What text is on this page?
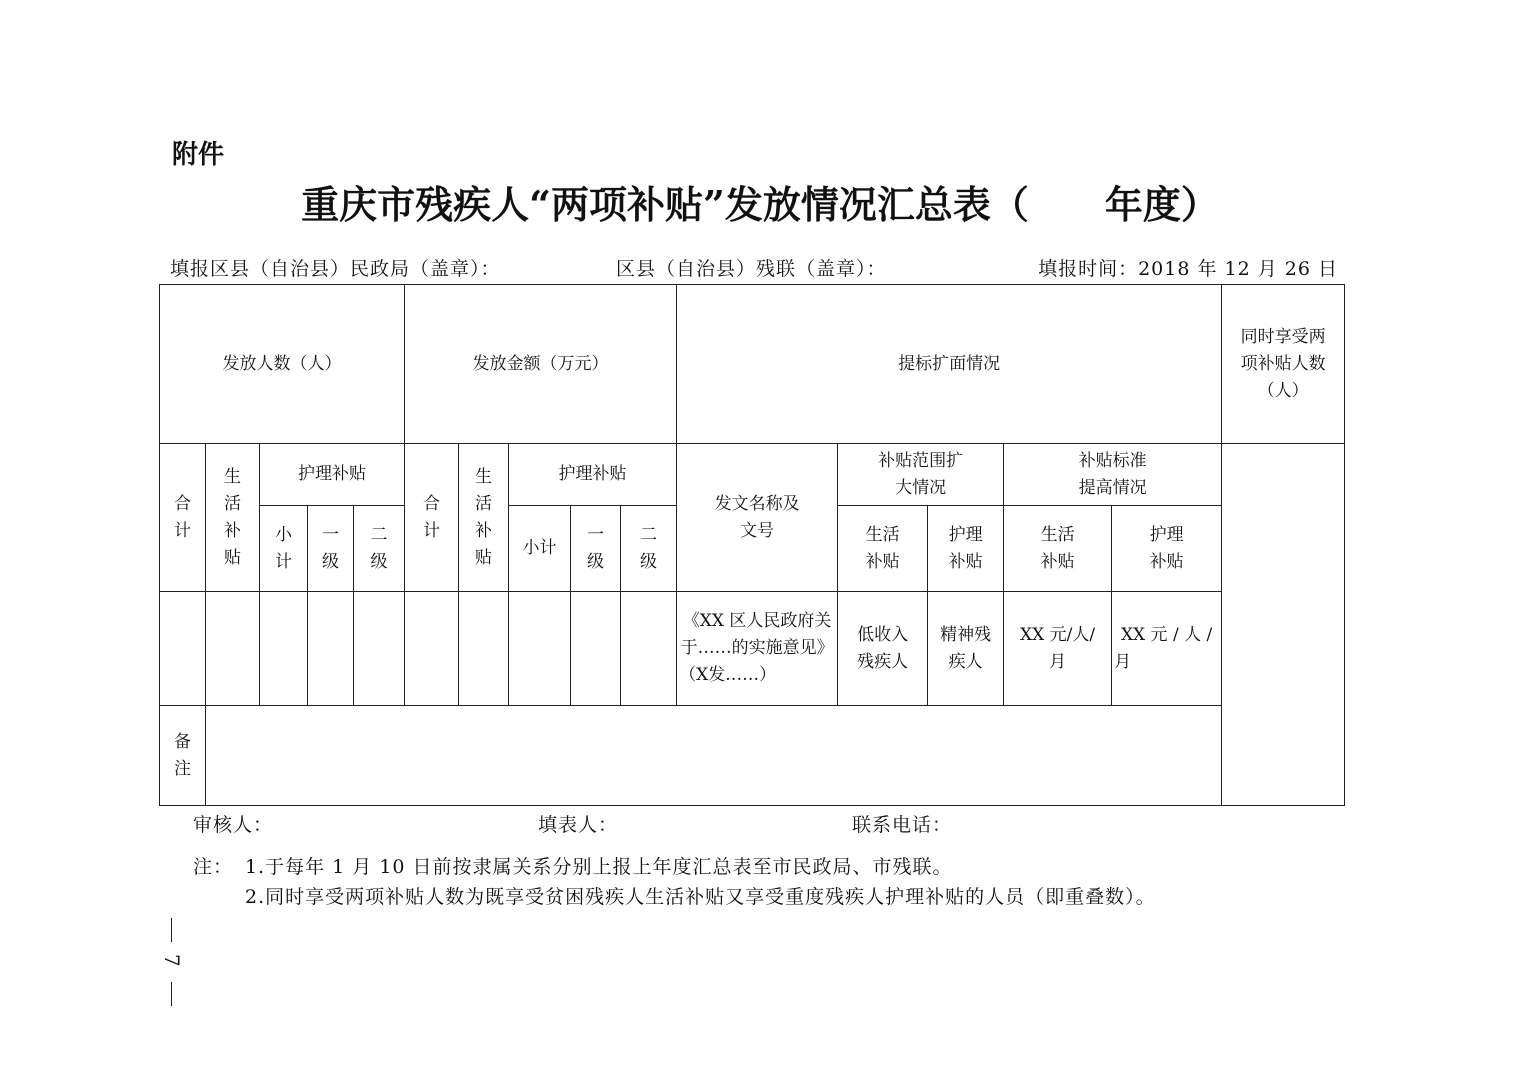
附件
重庆市残疾人“两项补贴”发放情况汇总表（　　年度）
填报区县（自治县）民政局（盖章）：	区县（自治县）残联（盖章）：	填报时间：2018 年 12 月 26 日
发放人数（人）					发放金额（万元）					提标扩面情况					同时享受两项补贴人数（人）
合计	生活补贴	护理补贴			合计	生活补贴	护理补贴			发文名称及文号	补贴范围扩大情况		补贴标准提高情况		
		小计	一级	二级			小计	一级	二级		生活补贴	护理补贴	生活补贴	护理补贴	
										《XX 区人民政府关于……的实施意见》（X发……）	低收入残疾人	精神残疾人	XX 元/人/月	XX 元 / 人 / 月	
备注															
审核人：	填表人：	联系电话：
注： 1.于每年 1 月 10 日前按隶属关系分别上报上年度汇总表至市民政局、市残联。
2.同时享受两项补贴人数为既享受贫困残疾人生活补贴又享受重度残疾人护理补贴的人员（即重叠数）。
7
